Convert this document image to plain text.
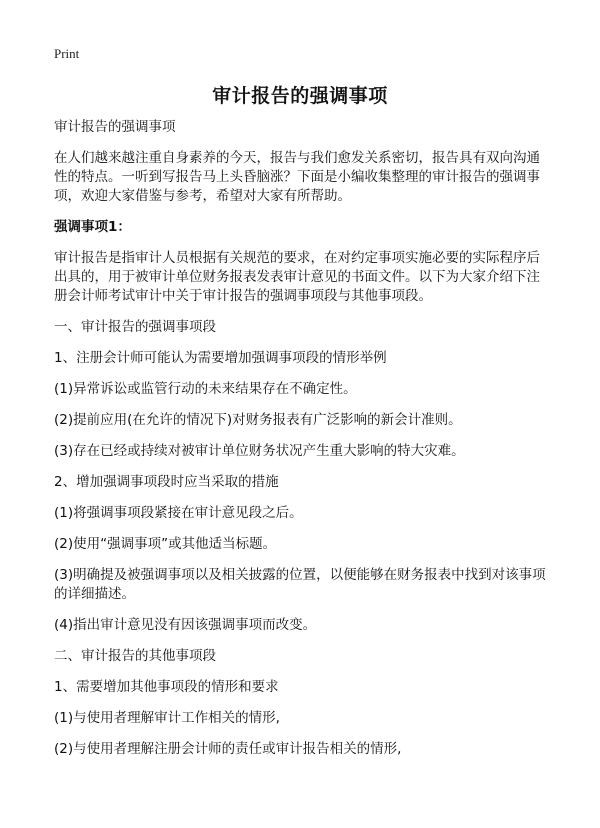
Print
审计报告的强调事项

审计报告的强调事项

在人们越来越注重自身素养的今天，报告与我们愈发关系密切，报告具有双向沟通性的特点。一听到写报告马上头昏脑涨？下面是小编收集整理的审计报告的强调事项，欢迎大家借鉴与参考，希望对大家有所帮助。

强调事项1：

审计报告是指审计人员根据有关规范的要求，在对约定事项实施必要的实际程序后出具的，用于被审计单位财务报表发表审计意见的书面文件。以下为大家介绍下注册会计师考试审计中关于审计报告的强调事项段与其他事项段。

一、审计报告的强调事项段

1、注册会计师可能认为需要增加强调事项段的情形举例

(1)异常诉讼或监管行动的未来结果存在不确定性。

(2)提前应用(在允许的情况下)对财务报表有广泛影响的新会计准则。

(3)存在已经或持续对被审计单位财务状况产生重大影响的特大灾难。

2、增加强调事项段时应当采取的措施

(1)将强调事项段紧接在审计意见段之后。

(2)使用“强调事项”或其他适当标题。

(3)明确提及被强调事项以及相关披露的位置，以便能够在财务报表中找到对该事项的详细描述。

(4)指出审计意见没有因该强调事项而改变。

二、审计报告的其他事项段

1、需要增加其他事项段的情形和要求

(1)与使用者理解审计工作相关的情形,

(2)与使用者理解注册会计师的责任或审计报告相关的情形,
